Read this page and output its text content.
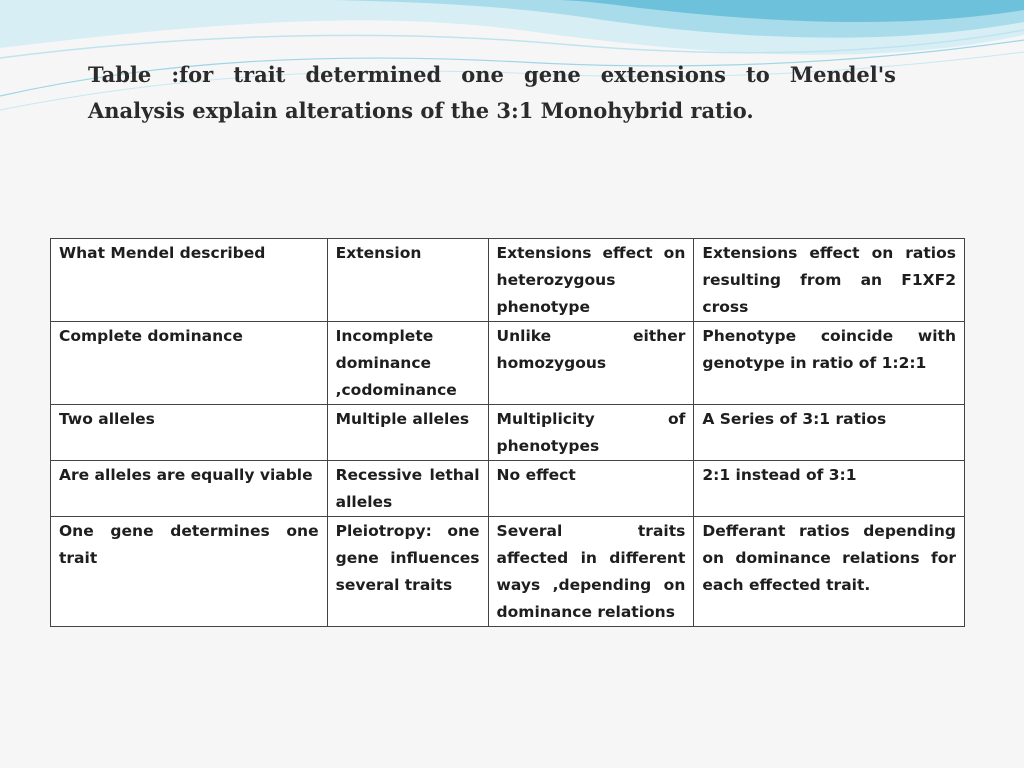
Table :for trait determined one gene extensions to Mendel's
Analysis explain alterations of the 3:1 Monohybrid ratio.
What Mendel described	Extension	Extensions effect on heterozygous phenotype	Extensions effect on ratios resulting from an F1XF2 cross
Complete dominance	Incomplete dominance ,codominance	Unlike either homozygous	Phenotype coincide with genotype in ratio of 1:2:1
Two alleles	Multiple alleles	Multiplicity of phenotypes	A Series of 3:1 ratios
Are alleles are equally viable	Recessive lethal alleles	No effect	2:1 instead of 3:1
One gene determines one trait	Pleiotropy: one gene influences several traits	Several traits affected in different ways ,depending on dominance relations	Defferant ratios depending on dominance relations for each effected trait.
